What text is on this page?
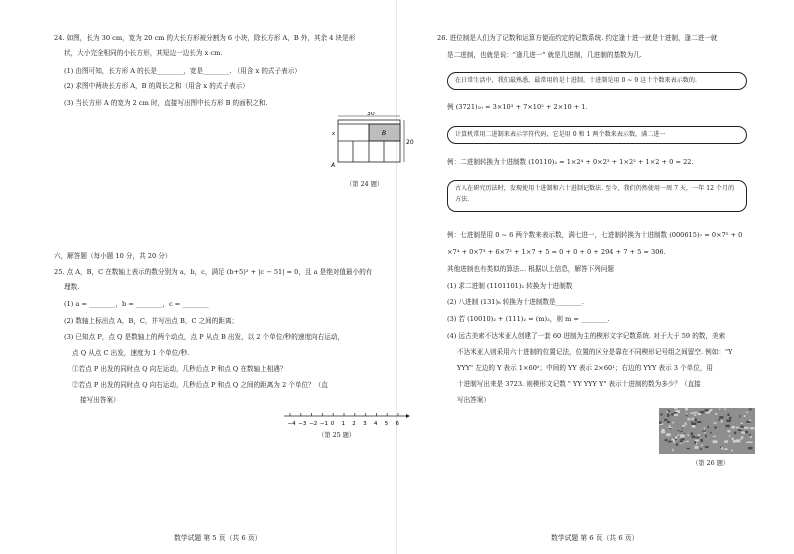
24. 如图，长为 30 cm，宽为 20 cm 的大长方形被分割为 6 小块，除长方形 A，B 外，其余 4 块是形
状，大小完全相同的小长方形，其短边一边长为 x cm.
(1) 由图可知，长方形 A 的长是________，宽是________. （用含 x 的式子表示）
(2) 求图中两块长方形 A，B 的周长之和（用含 x 的式子表示）
(3) 当长方形 A 的宽为 2 cm 时，直接写出图中长方形 B 的面积之和.
30
20
B
A
x
（第 24 题）
六，解答题（每小题 10 分，共 20 分）
25. 点 A，B，C 在数轴上表示的数分别为 a，b，c，满足 (b+5)² + |c − 51| = 0，且 a 是绝对值最小的有
理数.
(1) a = ________，b = ________，c = ________
(2) 数轴上标出点 A，B，C，并写出点 B，C 之间的距离；
(3) 已知点 P，点 Q 是数轴上的两个动点，点 P 从点 B 出发，以 2 个单位/秒的速度向右运动，
点 Q 从点 C 出发，速度为 1 个单位/秒.
①若点 P 出发的同时点 Q 向左运动，几秒后点 P 和点 Q 在数轴上相遇？
②若点 P 出发的同时点 Q 向右运动，几秒后点 P 和点 Q 之间的距离为 2 个单位？（直
接写出答案）
−4 −3 −2 −1 0 1 2 3 4 5 6
（第 25 题）
数学试题 第 5 页（共 6 页）
26. 进位制是人们为了记数和运算方便而约定的记数系统. 约定逢十进一就是十进制，逢二进一就
是二进制，也就是说："逢几进一" 就是几进制，几进制的基数为几.
在日常生活中，我们最熟悉，最常用的是十进制，十进制是用 0 ~ 9 这十个数来表示数的.
例 (3721)₁₀ = 3×10³ + 7×10² + 2×10 + 1.
计算机常用二进制来表示字符代码，它是用 0 和 1 两个数来表示数，满二进一
例：二进制转换为十进制数 (10110)₂ = 1×2⁴ + 0×2³ + 1×2² + 1×2 + 0 = 22.
古人在研究历法时，发现使用十进制和六十进制记数法. 至今，我们仍然使用一周 7 天，一年 12 个月的方法.
例：七进制是用 0 ~ 6 两个数来表示数，满七进一，七进制转换为十进制数 (000615)₇ = 0×7⁵ + 0
×7⁴ + 0×7³ + 6×7² + 1×7 + 5 = 0 + 0 + 0 + 294 + 7 + 5 = 306.
其他进制也有类似的算法… 根据以上信息，解答下列问题
(1) 求二进制 (1101101)₂ 转换为十进制数
(2) 八进制 (131)₈ 转换为十进制数是________.
(3) 若 (10010)₂ + (111)₂ = (m)₂，则 m = ________.
(4) 远古美索不达米亚人创建了一套 60 进制为主的楔形文字记数系统. 对于大于 59 的数，美索
不达米亚人则采用六十进制的位置记法，位置的区分是靠在不同楔形记号组之间留空. 例如："Y
YYY" 左边的 Y 表示 1×60²；中间的 YY 表示 2×60¹；右边的 YYY 表示 3 个单位，用
十进制写出来是 3723. 则楔形文记数 " YY YYY Y" 表示十进制的数为多少？（直接
写出答案）
（第 26 题）
数学试题 第 6 页（共 6 页）
